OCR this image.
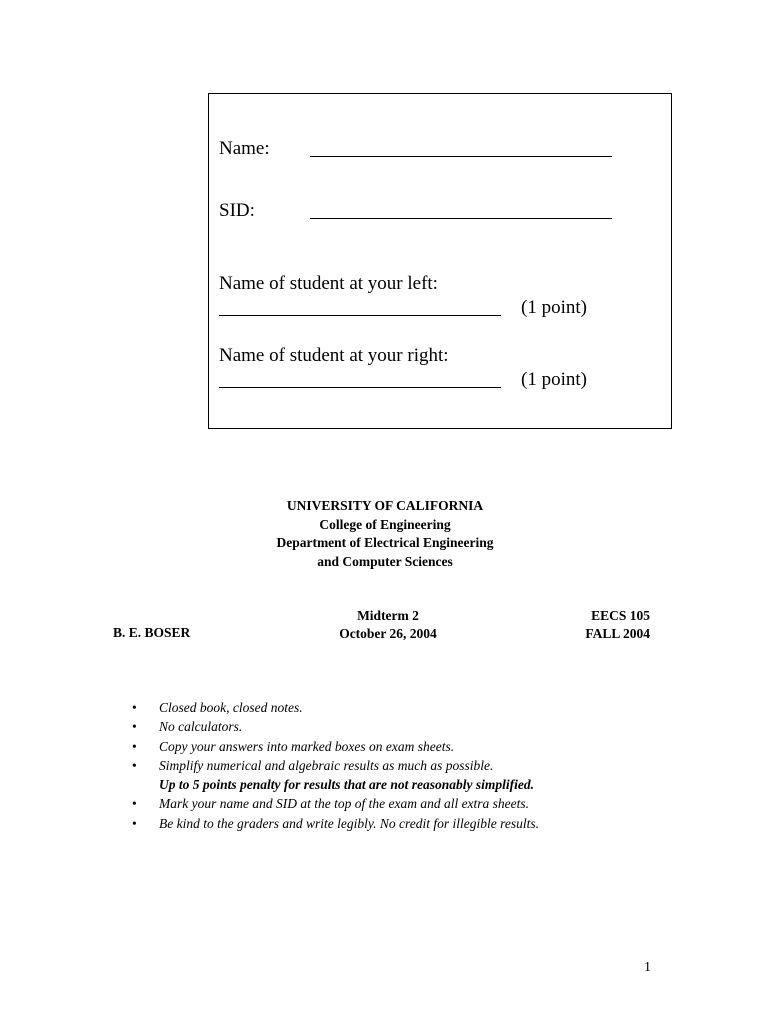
Name:
SID:
Name of student at your left:
(1 point)
Name of student at your right:
(1 point)
UNIVERSITY OF CALIFORNIA
College of Engineering
Department of Electrical Engineering
and Computer Sciences
B. E. BOSER
Midterm 2
October 26, 2004
EECS 105
FALL 2004
• Closed book, closed notes.
• No calculators.
• Copy your answers into marked boxes on exam sheets.
• Simplify numerical and algebraic results as much as possible.
Up to 5 points penalty for results that are not reasonably simplified.
• Mark your name and SID at the top of the exam and all extra sheets.
• Be kind to the graders and write legibly. No credit for illegible results.
1
